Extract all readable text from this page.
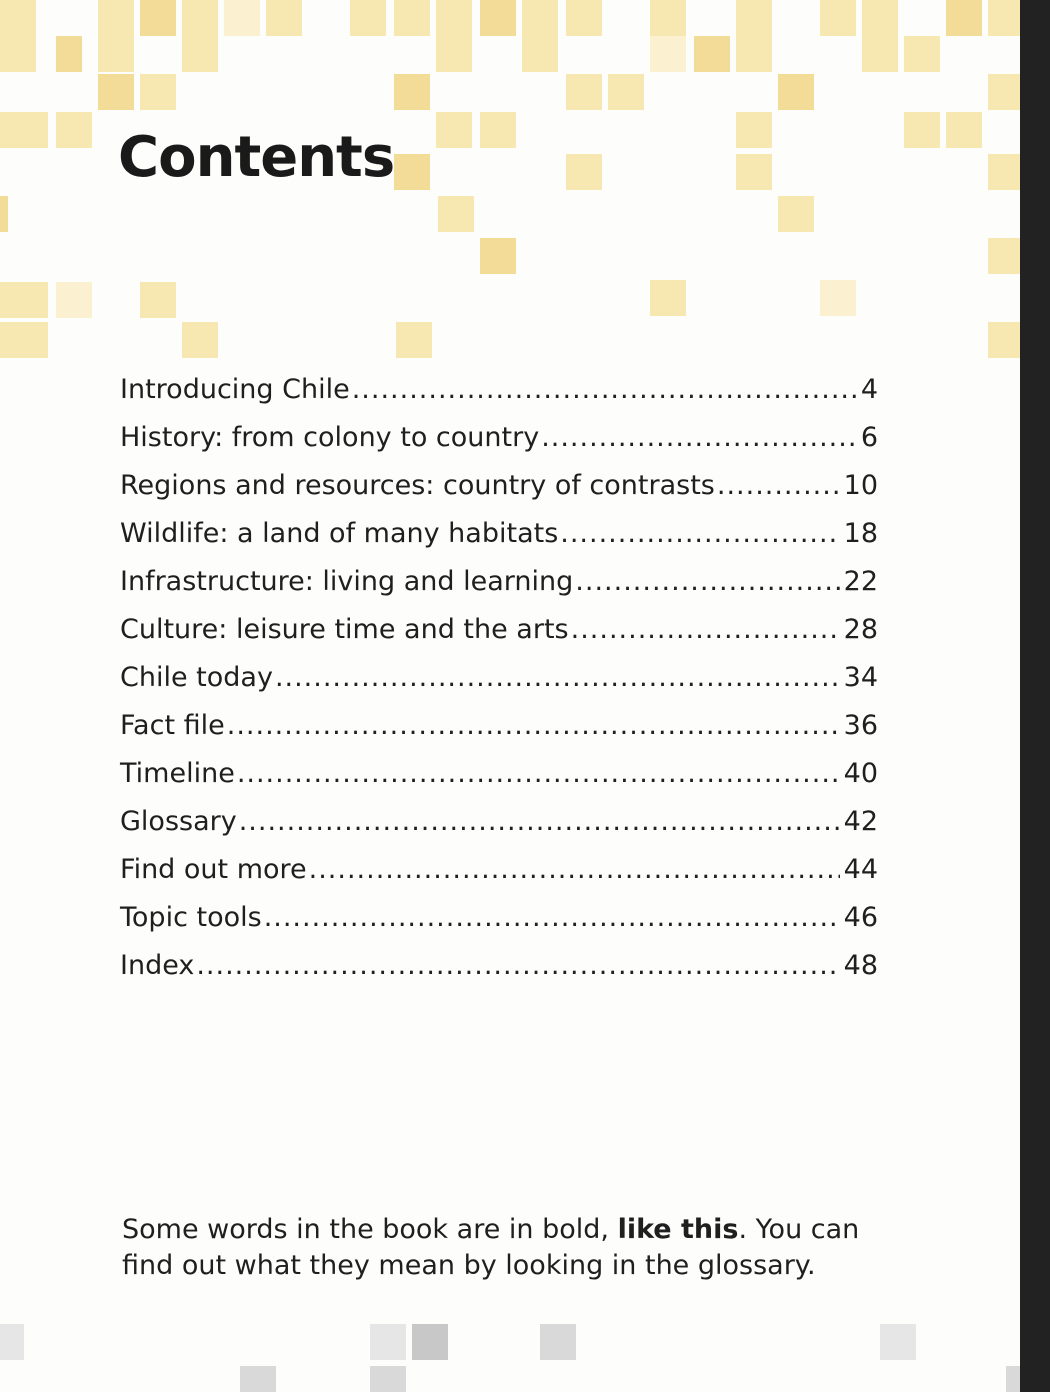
Contents
Introducing Chile .....	4
History: from colony to country .....	6
Regions and resources: country of contrasts .....	10
Wildlife: a land of many habitats .....	18
Infrastructure: living and learning .....	22
Culture: leisure time and the arts .....	28
Chile today .....	34
Fact file .....	36
Timeline .....	40
Glossary .....	42
Find out more .....	44
Topic tools .....	46
Index .....	48

Some words in the book are in bold, like this. You can find out what they mean by looking in the glossary.
